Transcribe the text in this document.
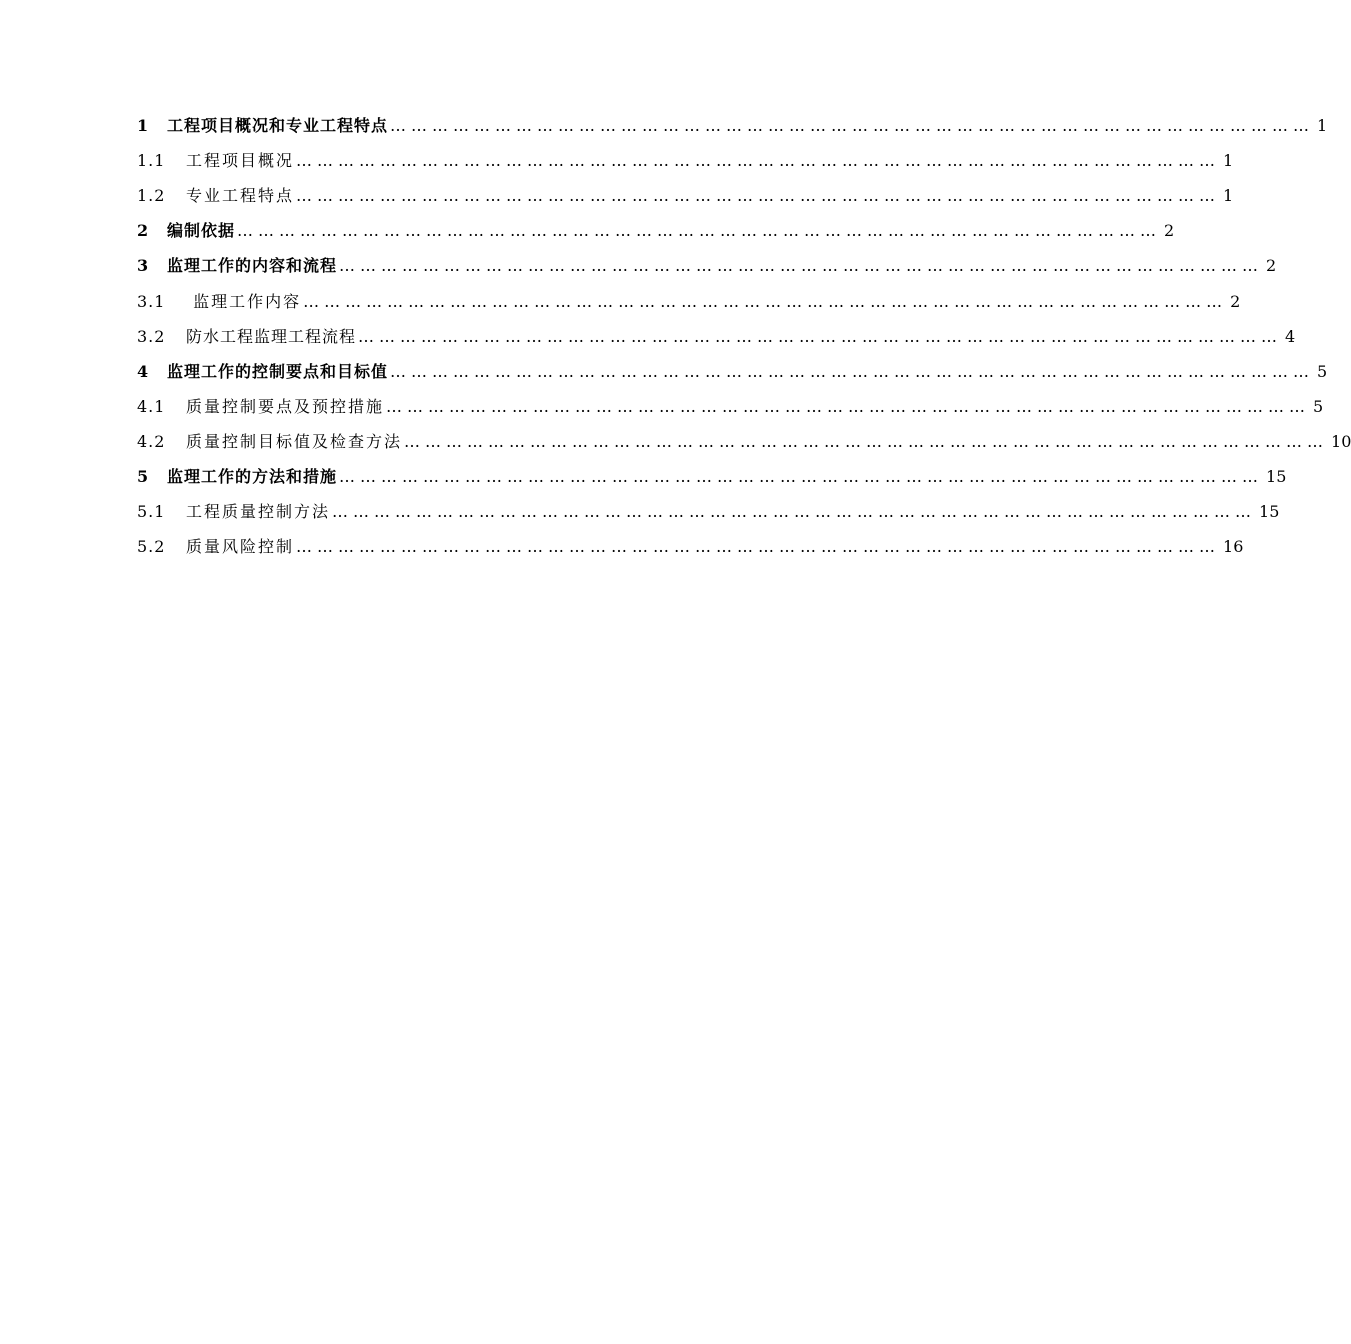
1	工程项目概况和专业工程特点 …………………………………………………………………………………………………………………… 1
1.1	工程项目概况 …………………………………………………………………………………………………………………… 1
1.2	专业工程特点 …………………………………………………………………………………………………………………… 1
2	编制依据 …………………………………………………………………………………………………………………… 2
3	监理工作的内容和流程 …………………………………………………………………………………………………………………… 2
3.1	监理工作内容 …………………………………………………………………………………………………………………… 2
3.2	防水工程监理工程流程 …………………………………………………………………………………………………………………… 4
4	监理工作的控制要点和目标值 …………………………………………………………………………………………………………………… 5
4.1	质量控制要点及预控措施 …………………………………………………………………………………………………………………… 5
4.2	质量控制目标值及检查方法 …………………………………………………………………………………………………………………… 10
5	监理工作的方法和措施 …………………………………………………………………………………………………………………… 15
5.1	工程质量控制方法 …………………………………………………………………………………………………………………… 15
5.2	质量风险控制 …………………………………………………………………………………………………………………… 16
